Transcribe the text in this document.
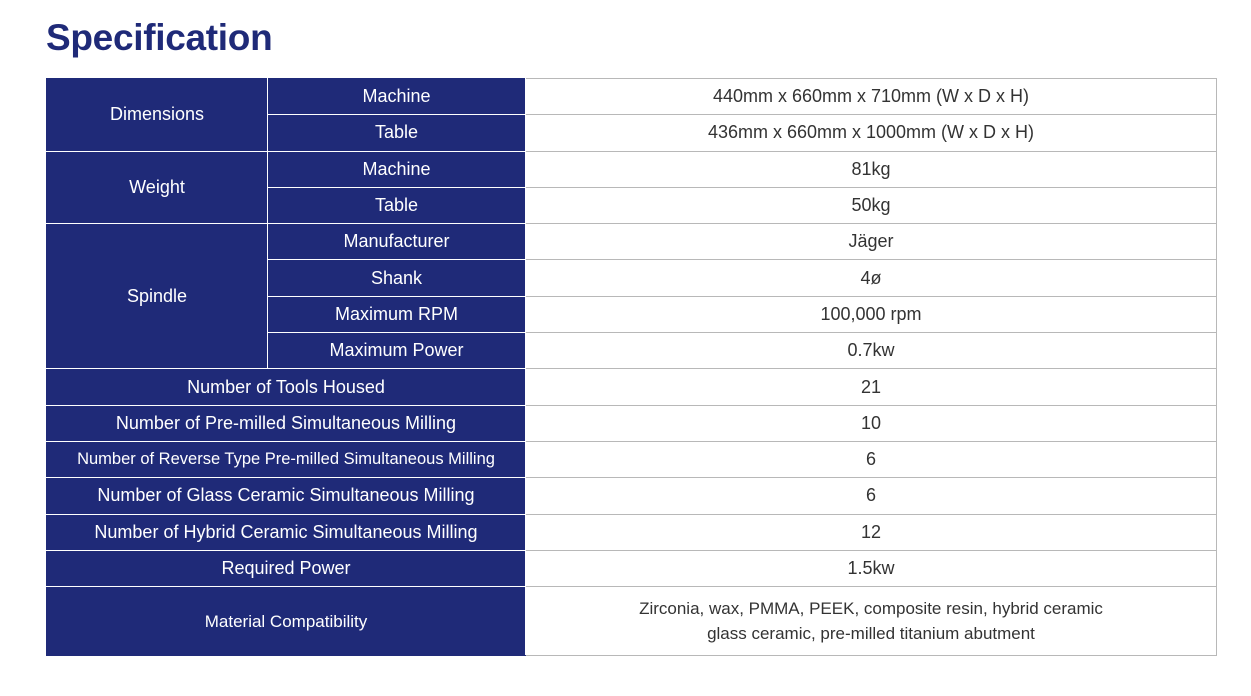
Specification
Dimensions	Machine	440mm x 660mm x 710mm (W x D x H)
	Table	436mm x 660mm x 1000mm (W x D x H)
Weight	Machine	81kg
	Table	50kg
Spindle	Manufacturer	Jäger
	Shank	4ø
	Maximum RPM	100,000 rpm
	Maximum Power	0.7kw
Number of Tools Housed		21
Number of Pre-milled Simultaneous Milling		10
Number of Reverse Type Pre-milled Simultaneous Milling		6
Number of Glass Ceramic Simultaneous Milling		6
Number of Hybrid Ceramic Simultaneous Milling		12
Required Power		1.5kw
Material Compatibility		Zirconia, wax, PMMA, PEEK, composite resin, hybrid ceramic
glass ceramic, pre-milled titanium abutment
